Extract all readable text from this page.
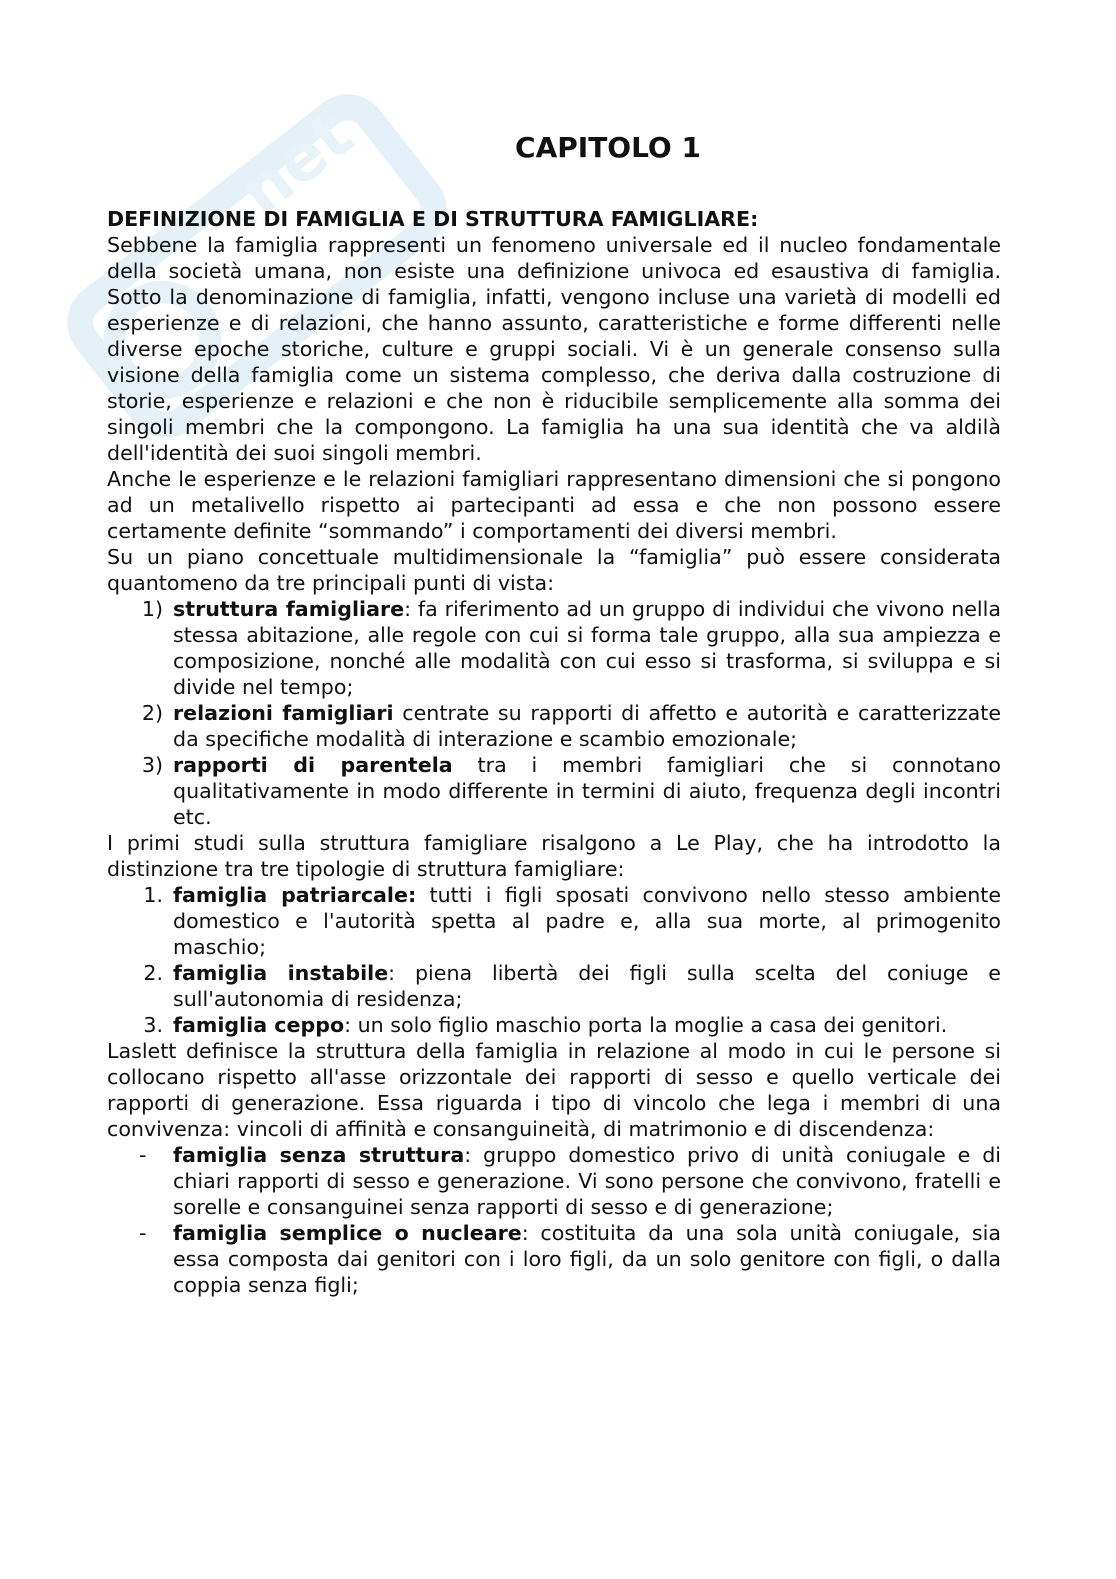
.net	CAPITOLO 1
DEFINIZIONE DI FAMIGLIA E DI STRUTTURA FAMIGLIARE:

Sebbene la famiglia rappresenti un fenomeno universale ed il nucleo fondamentale della società umana, non esiste una definizione univoca ed esaustiva di famiglia. Sotto la denominazione di famiglia, infatti, vengono incluse una varietà di modelli ed esperienze e di relazioni, che hanno assunto, caratteristiche e forme differenti nelle diverse epoche storiche, culture e gruppi sociali. Vi è un generale consenso sulla visione della famiglia come un sistema complesso, che deriva dalla costruzione di storie, esperienze e relazioni e che non è riducibile semplicemente alla somma dei singoli membri che la compongono. La famiglia ha una sua identità che va aldilà dell'identità dei suoi singoli membri.

Anche le esperienze e le relazioni famigliari rappresentano dimensioni che si pongono ad un metalivello rispetto ai partecipanti ad essa e che non possono essere certamente definite “sommando” i comportamenti dei diversi membri.

Su un piano concettuale multidimensionale la “famiglia” può essere considerata quantomeno da tre principali punti di vista:

1) struttura famigliare: fa riferimento ad un gruppo di individui che vivono nella stessa abitazione, alle regole con cui si forma tale gruppo, alla sua ampiezza e composizione, nonché alle modalità con cui esso si trasforma, si sviluppa e si divide nel tempo;
2) relazioni famigliari centrate su rapporti di affetto e autorità e caratterizzate da specifiche modalità di interazione e scambio emozionale;
3) rapporti di parentela tra i membri famigliari che si connotano qualitativamente in modo differente in termini di aiuto, frequenza degli incontri etc.

I primi studi sulla struttura famigliare risalgono a Le Play, che ha introdotto la distinzione tra tre tipologie di struttura famigliare:

1. famiglia patriarcale: tutti i figli sposati convivono nello stesso ambiente domestico e l'autorità spetta al padre e, alla sua morte, al primogenito maschio;
2. famiglia instabile: piena libertà dei figli sulla scelta del coniuge e sull'autonomia di residenza;
3. famiglia ceppo: un solo figlio maschio porta la moglie a casa dei genitori.

Laslett definisce la struttura della famiglia in relazione al modo in cui le persone si collocano rispetto all'asse orizzontale dei rapporti di sesso e quello verticale dei rapporti di generazione. Essa riguarda i tipo di vincolo che lega i membri di una convivenza: vincoli di affinità e consanguineità, di matrimonio e di discendenza:

-	famiglia senza struttura: gruppo domestico privo di unità coniugale e di chiari rapporti di sesso e generazione. Vi sono persone che convivono, fratelli e sorelle e consanguinei senza rapporti di sesso e di generazione;
-	famiglia semplice o nucleare: costituita da una sola unità coniugale, sia essa composta dai genitori con i loro figli, da un solo genitore con figli, o dalla coppia senza figli;
